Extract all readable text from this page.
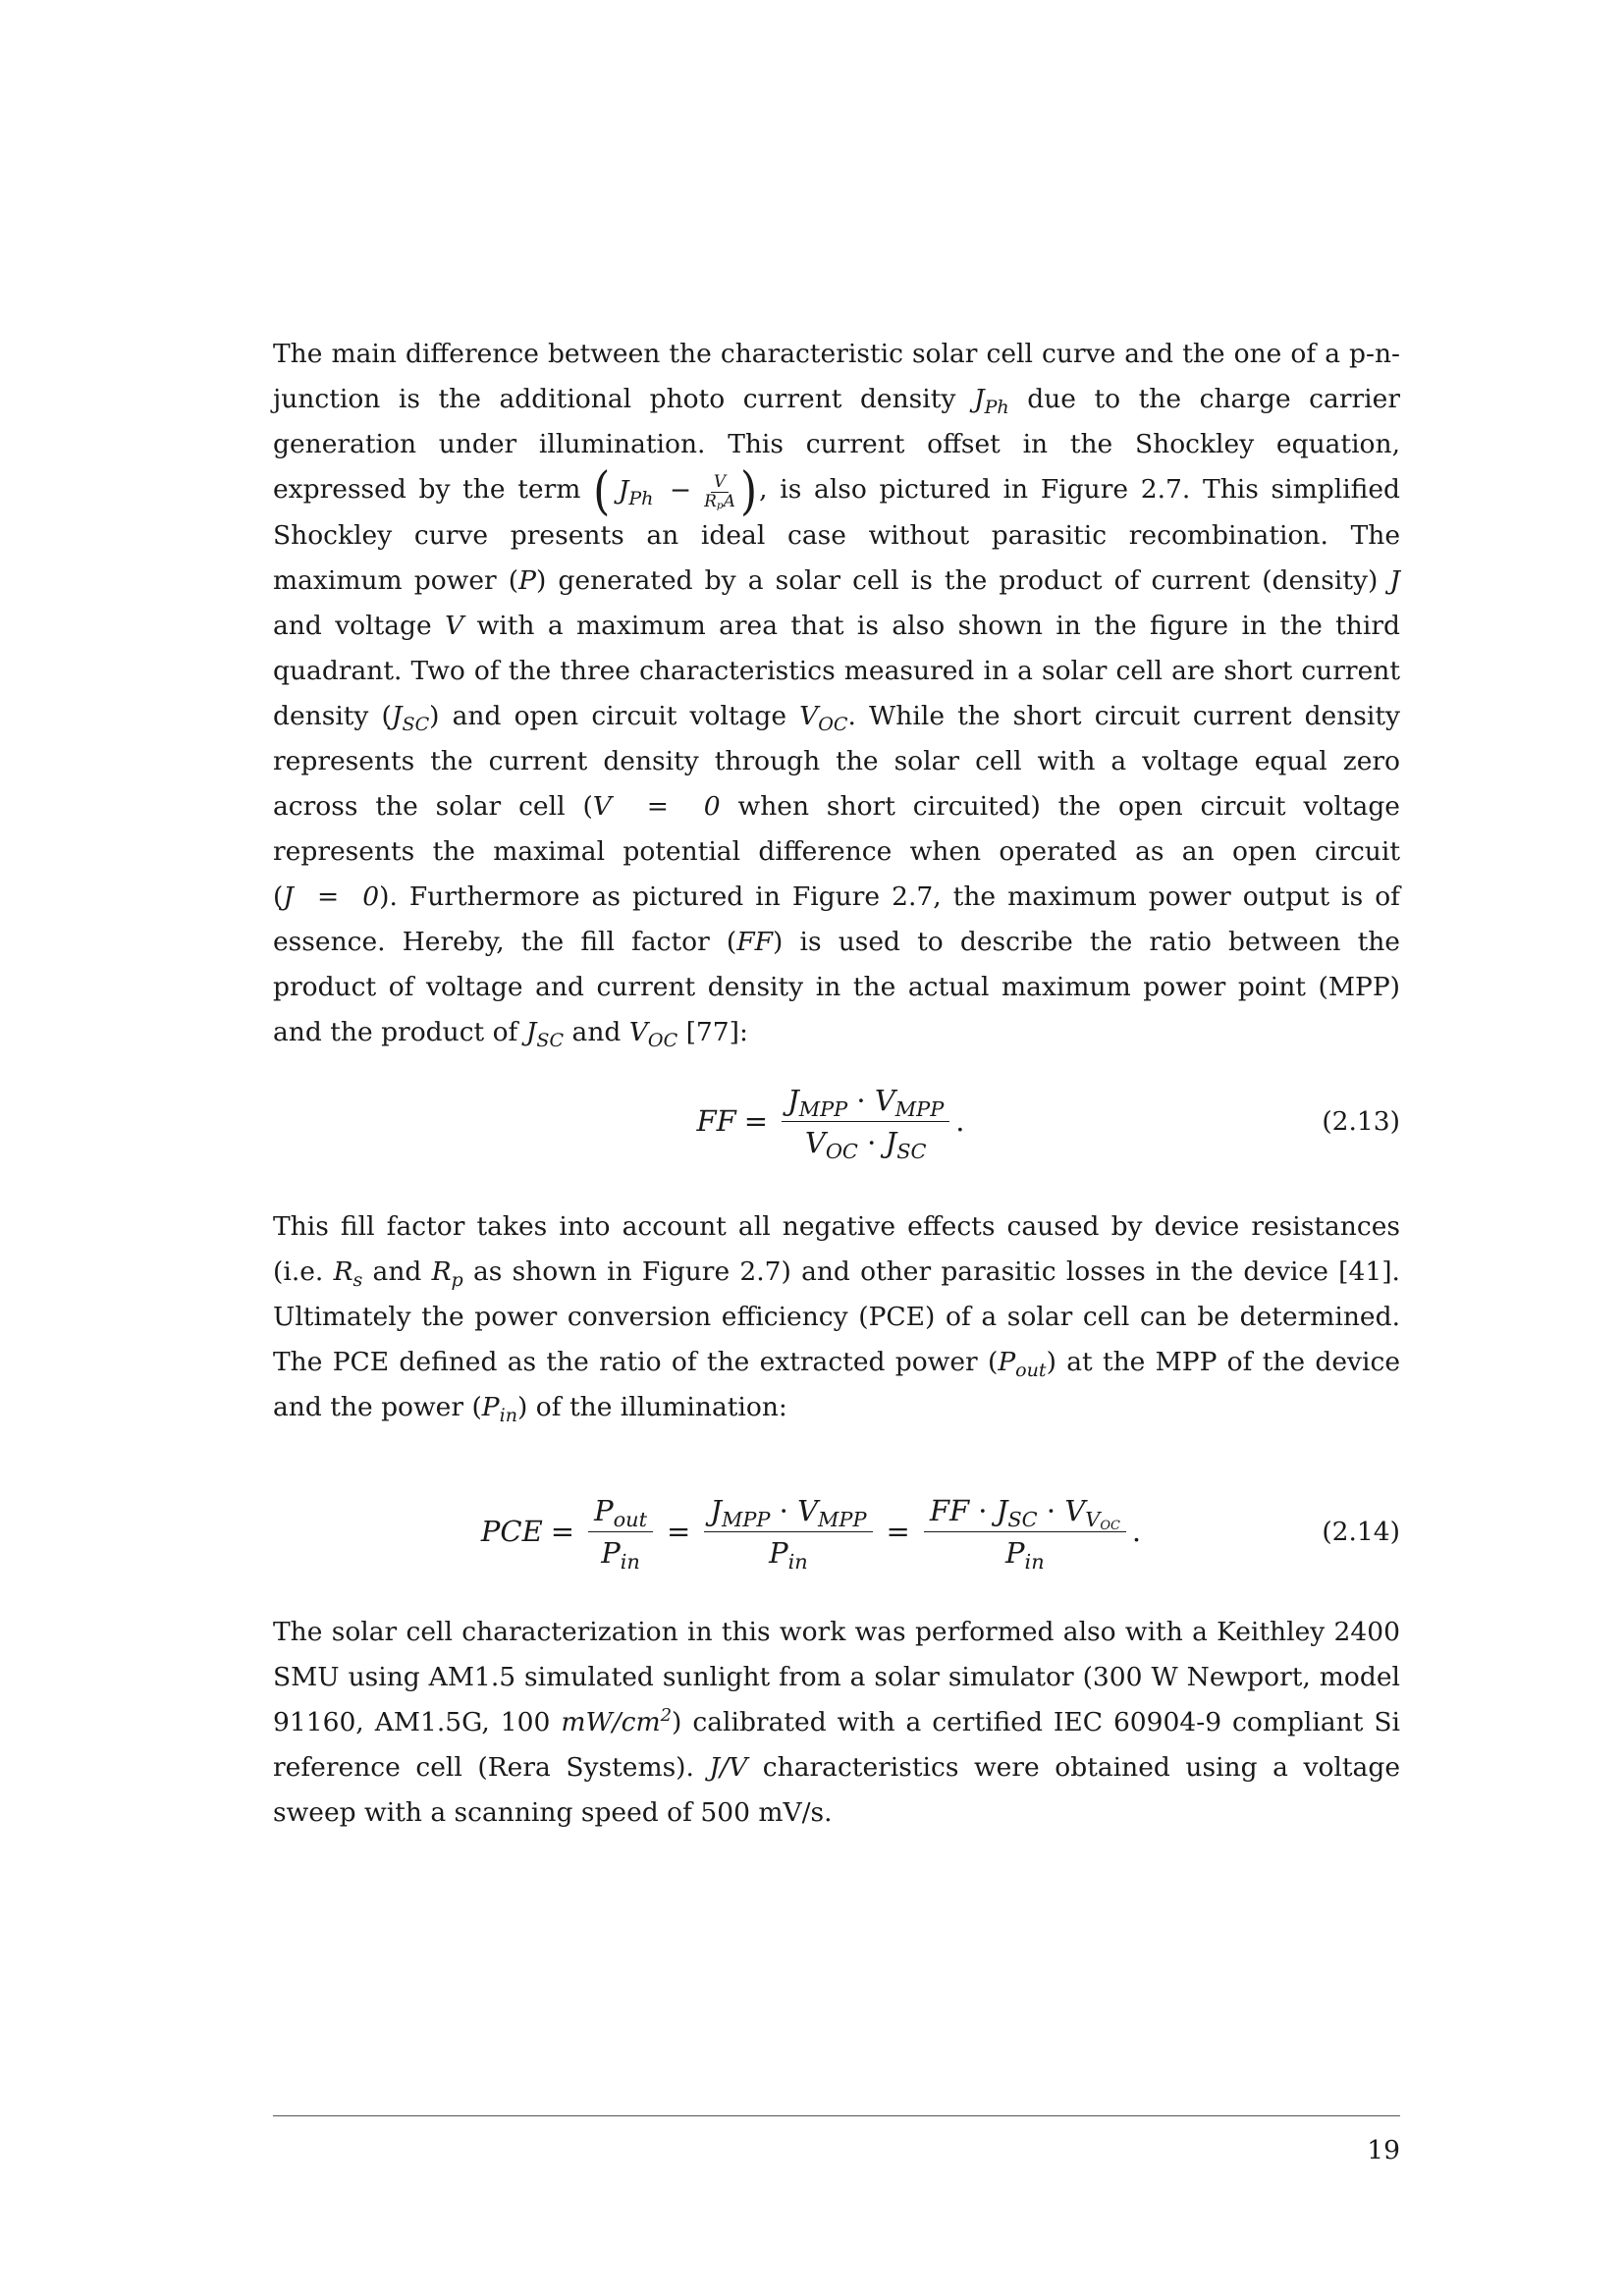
The main difference between the characteristic solar cell curve and the one of a p-n-junction is the additional photo current density $J_{Ph}$ due to the charge carrier generation under illumination. This current offset in the Shockley equation, expressed by the term ( $J_{Ph} - \frac{V}{\text{RpA}}$ ), is also pictured in Figure 2.7. This simplified Shockley curve presents an ideal case without parasitic recombination. The maximum power (P) generated by a solar cell is the product of current (density) J and voltage V with a maximum area that is also shown in the figure in the third quadrant. Two of the three characteristics measured in a solar cell are short current density $(J_{SC})$ and open circuit voltage $V_{OC}$. While the short circuit current density represents the current density through the solar cell with a voltage equal zero across the solar cell (V  =  0 when short circuited) the open circuit voltage represents the maximal potential difference when operated as an open circuit (J  =  0). Furthermore as pictured in Figure 2.7, the maximum power output is of essence. Hereby, the fill factor (FF) is used to describe the ratio between the product of voltage and current density in the actual maximum power point (MPP) and the product of $J_{SC}$ and $V_{OC}$ [77]:

FF = $\frac{J_{MPP} \cdot V_{MPP}}{V_{OC} \cdot J_{SC}}$ .	(2.13)

This fill factor takes into account all negative effects caused by device resistances (i.e. $R_s$ and $R_p$ as shown in Figure 2.7) and other parasitic losses in the device [41]. Ultimately the power conversion efficiency (PCE) of a solar cell can be determined. The PCE defined as the ratio of the extracted power $(P_{out})$ at the MPP of the device and the power $(P_{in})$ of the illumination:

PCE = $\frac{P_{out}}{P_{in}} = \frac{J_{MPP} \cdot V_{MPP}}{P_{in}} = \frac{FF \cdot J_{SC} \cdot V_{VOC}}{P_{in}}$ .	(2.14)

The solar cell characterization in this work was performed also with a Keithley 2400 SMU using AM1.5 simulated sunlight from a solar simulator (300 W Newport, model 91160, AM1.5G, 100 $mW/cm^2$) calibrated with a certified IEC 60904-9 compliant Si reference cell (Rera Systems). J/V characteristics were obtained using a voltage sweep with a scanning speed of 500 mV/s.

19
